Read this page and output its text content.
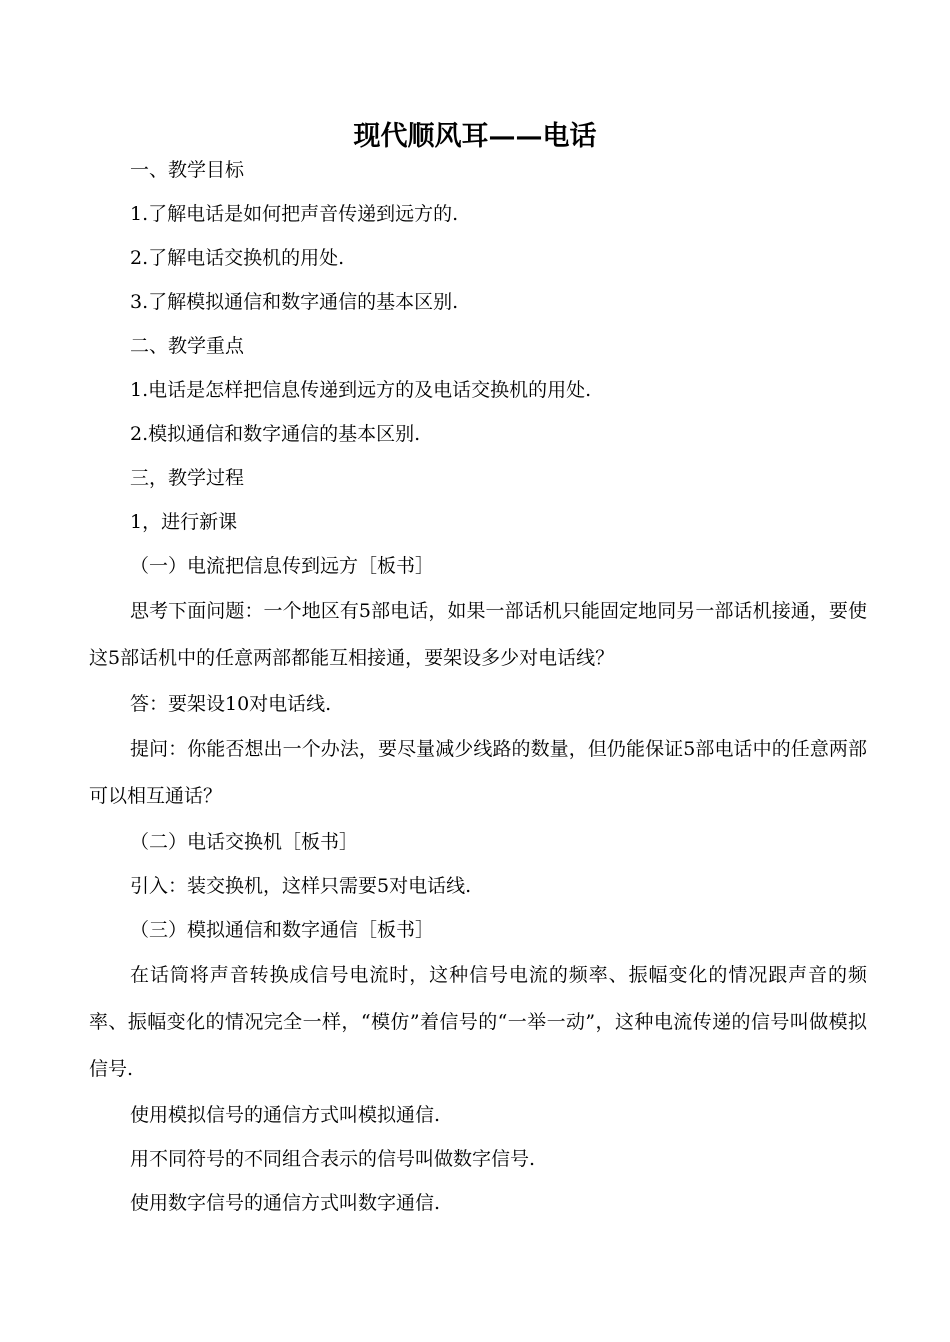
现代顺风耳——电话

一、教学目标

1.了解电话是如何把声音传递到远方的.

2.了解电话交换机的用处.

3.了解模拟通信和数字通信的基本区别.

二、教学重点

1.电话是怎样把信息传递到远方的及电话交换机的用处.

2.模拟通信和数字通信的基本区别.

三，教学过程

1，进行新课

（一）电流把信息传到远方［板书］

思考下面问题：一个地区有5部电话，如果一部话机只能固定地同另一部话机接通，要使这5部话机中的任意两部都能互相接通，要架设多少对电话线？

答：要架设10对电话线.

提问：你能否想出一个办法，要尽量减少线路的数量，但仍能保证5部电话中的任意两部可以相互通话？

（二）电话交换机［板书］

引入：装交换机，这样只需要5对电话线.

（三）模拟通信和数字通信［板书］

在话筒将声音转换成信号电流时，这种信号电流的频率、振幅变化的情况跟声音的频率、振幅变化的情况完全一样，“模仿”着信号的“一举一动”，这种电流传递的信号叫做模拟信号.

使用模拟信号的通信方式叫模拟通信.

用不同符号的不同组合表示的信号叫做数字信号.

使用数字信号的通信方式叫数字通信.
